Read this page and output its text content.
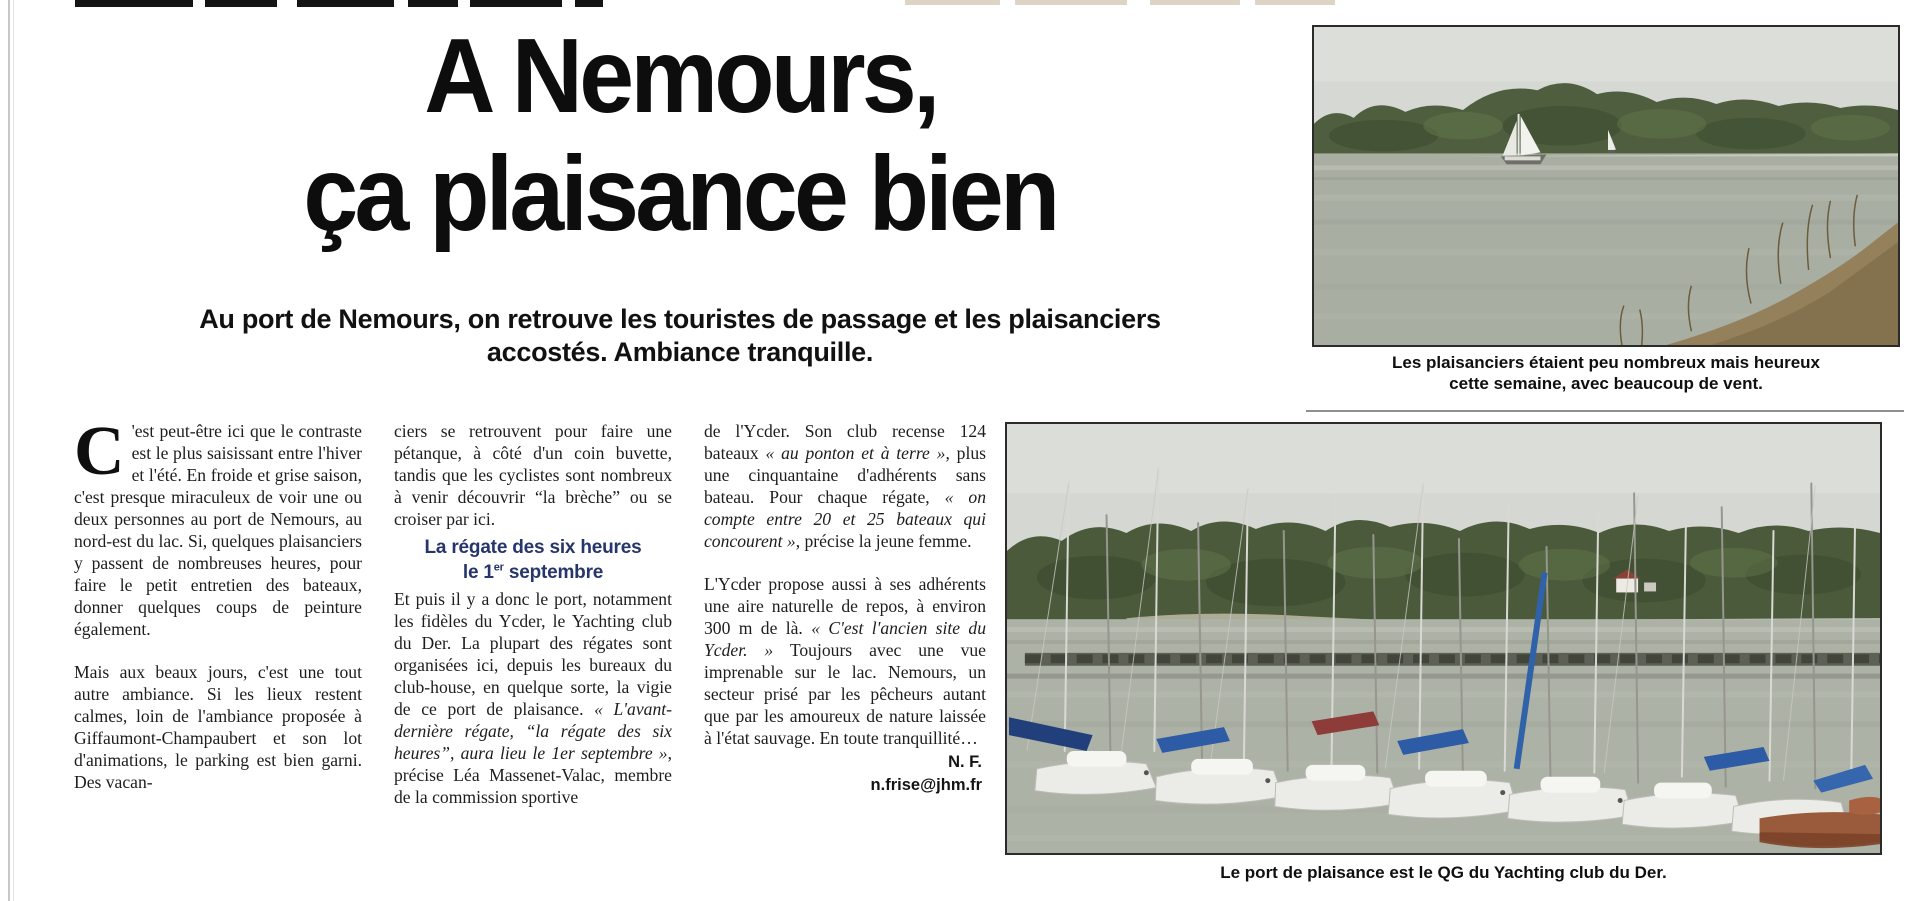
A Nemours,
ça plaisance bien
Au port de Nemours, on retrouve les touristes de passage et les plaisanciers
accostés. Ambiance tranquille.

C 'est peut-être ici que le contraste est le plus saisissant entre l'hiver et l'été. En froide et grise saison, c'est presque miraculeux de voir une ou deux personnes au port de Nemours, au nord-est du lac. Si, quelques plaisanciers y passent de nombreuses heures, pour faire le petit entretien des bateaux, donner quelques coups de peinture également.

Mais aux beaux jours, c'est une tout autre ambiance. Si les lieux restent calmes, loin de l'ambiance proposée à Giffaumont-Champaubert et son lot d'animations, le parking est bien garni. Des vacan-

ciers se retrouvent pour faire une pétanque, à côté d'un coin buvette, tandis que les cyclistes sont nombreux à venir découvrir “la brèche” ou se croiser par ici.

La régate des six heures
le 1er septembre

Et puis il y a donc le port, notamment les fidèles du Ycder, le Yachting club du Der. La plupart des régates sont organisées ici, depuis les bureaux du club-house, en quelque sorte, la vigie de ce port de plaisance. « L'avant-dernière régate, “la régate des six heures”, aura lieu le 1er septembre », précise Léa Massenet-Valac, membre de la commission sportive

de l'Ycder. Son club recense 124 bateaux « au ponton et à terre », plus une cinquantaine d'adhérents sans bateau. Pour chaque régate, « on compte entre 20 et 25 bateaux qui concourent », précise la jeune femme.

L'Ycder propose aussi à ses adhérents une aire naturelle de repos, à environ 300 m de là. « C'est l'ancien site du Ycder. » Toujours avec une vue imprenable sur le lac. Nemours, un secteur prisé par les pêcheurs autant que par les amoureux de nature laissée à l'état sauvage. En toute tranquillité…

N. F.
n.frise@jhm.fr
Les plaisanciers étaient peu nombreux mais heureux
cette semaine, avec beaucoup de vent.
Le port de plaisance est le QG du Yachting club du Der.
